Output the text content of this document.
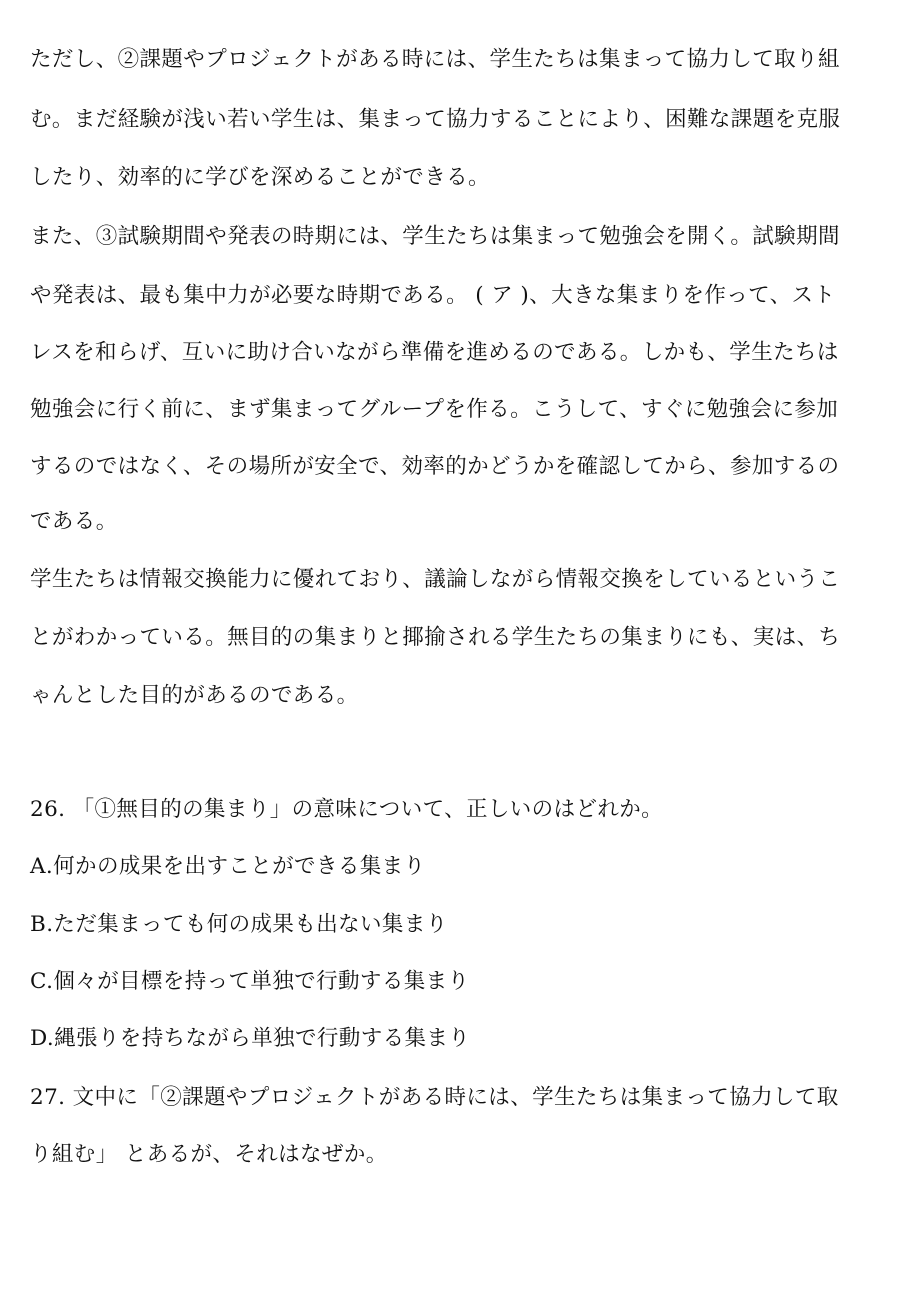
ただし、②課題やプロジェクトがある時には、学生たちは集まって協力して取り組
む。まだ経験が浅い若い学生は、集まって協力することにより、困難な課題を克服
したり、効率的に学びを深めることができる。
また、③試験期間や発表の時期には、学生たちは集まって勉強会を開く。試験期間
や発表は、最も集中力が必要な時期である。 ( ア )、大きな集まりを作って、スト
レスを和らげ、互いに助け合いながら準備を進めるのである。しかも、学生たちは
勉強会に行く前に、まず集まってグループを作る。こうして、すぐに勉強会に参加
するのではなく、その場所が安全で、効率的かどうかを確認してから、参加するの
である。
学生たちは情報交換能力に優れており、議論しながら情報交換をしているというこ
とがわかっている。無目的の集まりと揶揄される学生たちの集まりにも、実は、ち
ゃんとした目的があるのである。
26. 「①無目的の集まり」の意味について、正しいのはどれか。
A.何かの成果を出すことができる集まり
B.ただ集まっても何の成果も出ない集まり
C.個々が目標を持って単独で行動する集まり
D.縄張りを持ちながら単独で行動する集まり
27. 文中に「②課題やプロジェクトがある時には、学生たちは集まって協力して取
り組む」 とあるが、それはなぜか。
